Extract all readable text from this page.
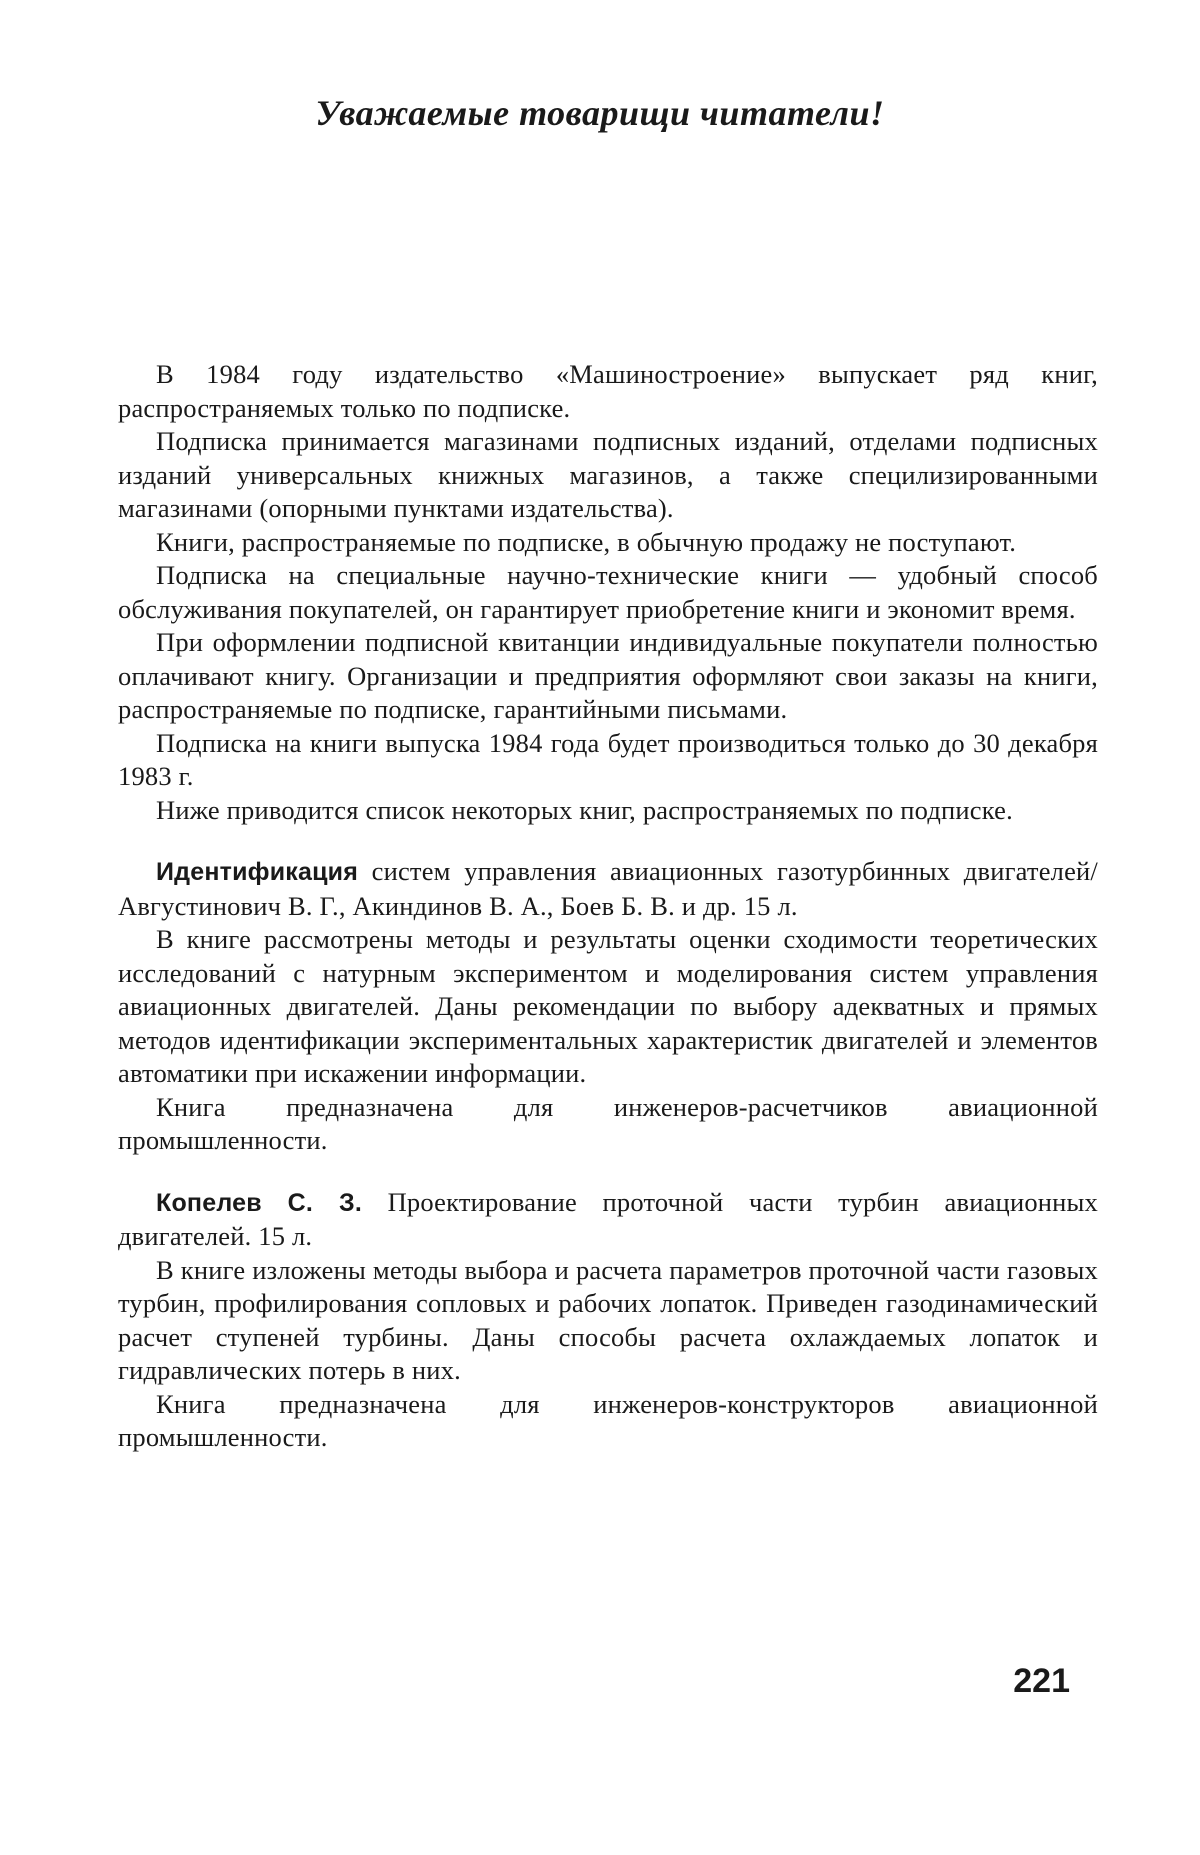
Уважаемые товарищи читатели!

В 1984 году издательство «Машиностроение» выпускает ряд книг, распространяемых только по подписке.

Подписка принимается магазинами подписных изданий, отделами подписных изданий универсальных книжных магазинов, а также специлизированными магазинами (опорными пунктами издательства).

Книги, распространяемые по подписке, в обычную продажу не поступают.

Подписка на специальные научно-технические книги — удобный способ обслуживания покупателей, он гарантирует приобретение книги и экономит время.

При оформлении подписной квитанции индивидуальные покупатели полностью оплачивают книгу. Организации и предприятия оформляют свои заказы на книги, распространяемые по подписке, гарантийными письмами.

Подписка на книги выпуска 1984 года будет производиться только до 30 декабря 1983 г.

Ниже приводится список некоторых книг, распространяемых по подписке.

Идентификация систем управления авиационных газотурбинных двигателей/Августинович В. Г., Акиндинов В. А., Боев Б. В. и др. 15 л.

В книге рассмотрены методы и результаты оценки сходимости теоретических исследований с натурным экспериментом и моделирования систем управления авиационных двигателей. Даны рекомендации по выбору адекватных и прямых методов идентификации экспериментальных характеристик двигателей и элементов автоматики при искажении информации.

Книга предназначена для инженеров-расчетчиков авиационной промышленности.

Копелев С. З. Проектирование проточной части турбин авиационных двигателей. 15 л.

В книге изложены методы выбора и расчета параметров проточной части газовых турбин, профилирования сопловых и рабочих лопаток. Приведен газодинамический расчет ступеней турбины. Даны способы расчета охлаждаемых лопаток и гидравлических потерь в них.

Книга предназначена для инженеров-конструкторов авиационной промышленности.

221
